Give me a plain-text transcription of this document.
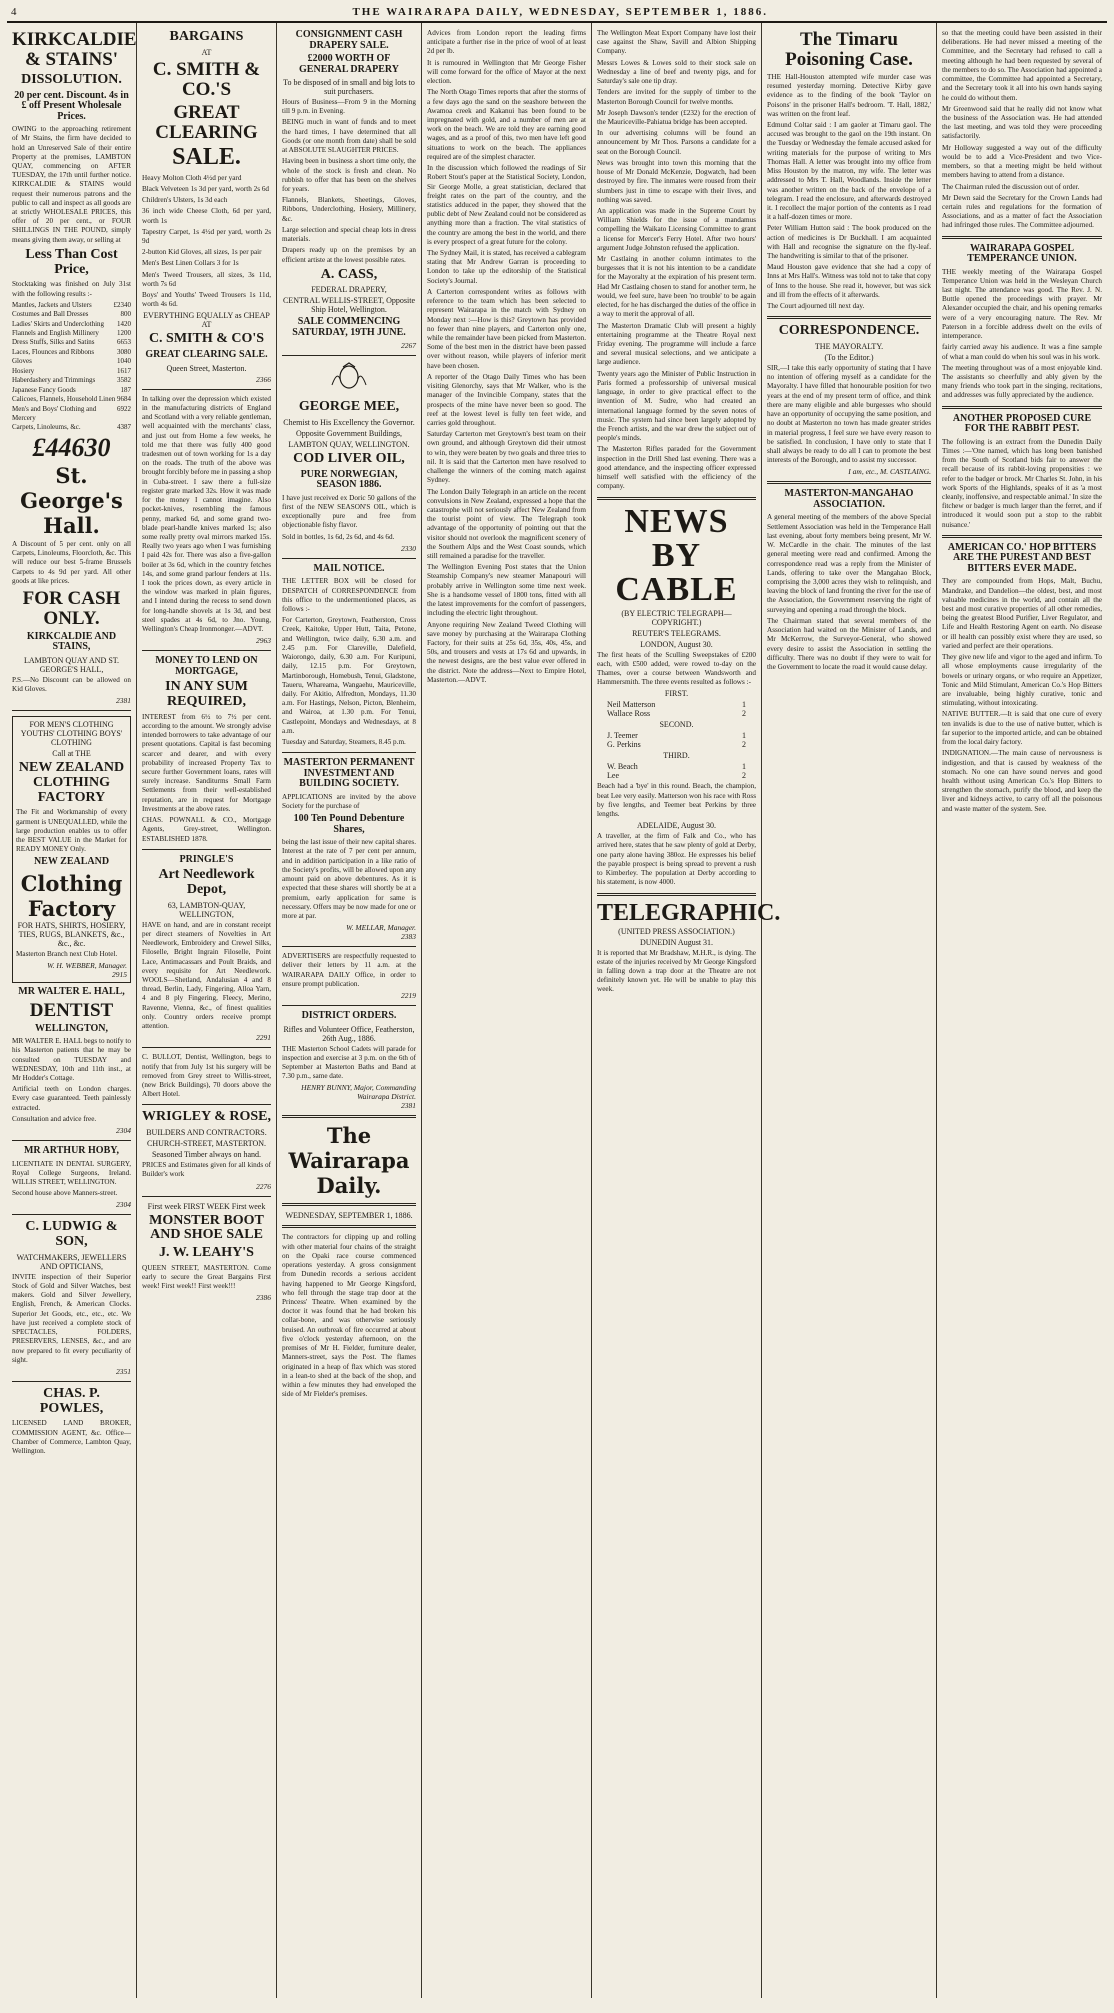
4	THE WAIRARAPA DAILY, WEDNESDAY, SEPTEMBER 1, 1886.
KIRKCALDIE & STAINS'
DISSOLUTION.
20 per cent. Discount. 4s in £ off Present Wholesale Prices.
OWING to the approaching retirement of Mr Stains, the firm have decided to hold an Unreserved Sale of their entire Property at the premises, LAMBTON QUAY, commencing on AFTER TUESDAY, the 17th until further notice. KIRKCALDIE & STAINS would request their numerous patrons and the public to call and inspect as all goods are at strictly WHOLESALE PRICES, this offer of 20 per cent., or FOUR SHILLINGS IN THE POUND, simply means giving them away, or selling at
Less Than Cost Price,
Stocktaking was finished on July 31st with the following results :-
Mantles, Jackets and Ulsters	£2340
Costumes and Ball Dresses	800
Ladies' Skirts and Underclothing 1420
Flannels and English Millinery	1200
Dress Stuffs, Silks and Satins	6653
Laces, Flounces and Ribbons	3080
Gloves	1040
Hosiery	1617
Haberdashery and Trimmings	3582
Japanese Fancy Goods	187
Calicoes, Flannels, Household Linen 9684
Men's and Boys' Clothing and Mercery
6922
Carpets, Linoleums, &c.	4387
£44630
St. George's Hall.
A Discount of 5 per cent. only on all Carpets, Linoleums, Floorcloth, &c. This will reduce our best 5-frame Brussels Carpets to 4s 9d per yard. All other goods at like prices.
FOR CASH ONLY.
KIRKCALDIE AND STAINS,
LAMBTON QUAY AND ST. GEORGE'S HALL,
P.S.—No Discount can be allowed on Kid Gloves.
2381
FOR MEN'S CLOTHING YOUTHS' CLOTHING BOYS' CLOTHING
Call at THE
NEW ZEALAND CLOTHING FACTORY
The Fit and Workmanship of every garment is UNEQUALLED, while the large production enables us to offer the BEST VALUE in the Market for READY MONEY Only.
NEW ZEALAND
Clothing Factory
FOR HATS, SHIRTS, HOSIERY, TIES, RUGS, BLANKETS, &c., &c., &c.
Masterton Branch next Club Hotel.
W. H. WEBBER, Manager.
2915
MR WALTER E. HALL,
DENTIST
WELLINGTON,
MR WALTER E. HALL begs to notify to his Masterton patients that he may be consulted on TUESDAY and WEDNESDAY, 10th and 11th inst., at Mr Hodder's Cottage.
Artificial teeth on London charges. Every case guaranteed. Teeth painlessly extracted.
Consultation and advice free.
2304
MR ARTHUR HOBY,
LICENTIATE IN DENTAL SURGERY, Royal College Surgeons, Ireland. WILLIS STREET, WELLINGTON.
Second house above Manners-street.
2304
C. LUDWIG & SON,
WATCHMAKERS, JEWELLERS AND OPTICIANS,
INVITE inspection of their Superior Stock of Gold and Silver Watches, best makers. Gold and Silver Jewellery, English, French, & American Clocks. Superior Jet Goods, etc., etc., etc. We have just received a complete stock of SPECTACLES, FOLDERS, PRESERVERS, LENSES, &c., and are now prepared to fit every peculiarity of sight.
2351
CHAS. P. POWLES,
LICENSED LAND BROKER, COMMISSION AGENT, &c. Office—Chamber of Commerce, Lambton Quay, Wellington.
BARGAINS
AT
C. SMITH & CO.'S
GREAT CLEARING
SALE.
Heavy Molton Cloth 4½d per yard
Black Velveteen 1s 3d per yard, worth 2s 6d
Children's Ulsters, 1s 3d each
36 inch wide Cheese Cloth, 6d per yard, worth 1s
Tapestry Carpet, 1s 4½d per yard, worth 2s 9d
2-button Kid Gloves, all sizes, 1s per pair
Men's Best Linen Collars 3 for 1s
Men's Tweed Trousers, all sizes, 3s 11d, worth 7s 6d
Boys' and Youths' Tweed Trousers 1s 11d, worth 4s 6d.
EVERYTHING EQUALLY as CHEAP AT
C. SMITH & CO'S
GREAT CLEARING SALE.
Queen Street, Masterton.
2366
In talking over the depression which existed in the manufacturing districts of England and Scotland with a very reliable gentleman, well acquainted with the merchants' class, and just out from Home a few weeks, he told me that there was fully 400 good tradesmen out of town working for 1s a day on the roads. The truth of the above was brought forcibly before me in passing a shop in Cuba-street. I saw there a full-size register grate marked 32s. How it was made for the money I cannot imagine. Also pocket-knives, resembling the famous penny, marked 6d, and some grand two-blade pearl-handle knives marked 1s; also some really pretty oval mirrors marked 15s. Really two years ago when I was furnishing I paid 42s for. There was also a five-gallon boiler at 3s 6d, which in the country fetches 14s, and some grand parlour fenders at 11s. I took the prices down, as every article in the window was marked in plain figures, and I intend during the recess to send down for long-handle shovels at 1s 3d, and best steel spades at 4s 6d, to Jno. Young, Wellington's Cheap Ironmonger.—ADVT.
2963
MONEY TO LEND ON MORTGAGE,
IN ANY SUM REQUIRED,
INTEREST from 6½ to 7½ per cent. according to the amount. We strongly advise intended borrowers to take advantage of our present quotations. Capital is fast becoming scarcer and dearer, and with every probability of increased Property Tax to secure further Government loans, rates will surely increase. Sanditurms Small Farm Settlements from their well-established reputation, are in request for Mortgage Investments at the above rates.
CHAS. POWNALL & CO., Mortgage Agents, Grey-street, Wellington. ESTABLISHED 1878.
PRINGLE'S
Art Needlework Depot,
63, LAMBTON-QUAY, WELLINGTON,
HAVE on hand, and are in constant receipt per direct steamers of Novelties in Art Needlework, Embroidery and Crewel Silks, Filoselle, Bright Ingrain Filoselle, Point Lace, Antimacassars and Poult Braids, and every requisite for Art Needlework. WOOLS—Shetland, Andalusian 4 and 8 thread, Berlin, Lady, Fingering, Alloa Yarn, 4 and 8 ply Fingering, Fleecy, Merino, Ravenne, Vienna, &c., of finest qualities only. Country orders receive prompt attention.
2291
C. BULLOT, Dentist, Wellington, begs to notify that from July 1st his surgery will be removed from Grey street to Willis-street, (new Brick Buildings), 70 doors above the Albert Hotel.
WRIGLEY & ROSE,
BUILDERS AND CONTRACTORS.
CHURCH-STREET, MASTERTON.
Seasoned Timber always on hand.
PRICES and Estimates given for all kinds of Builder's work
2276
First week FIRST WEEK First week
MONSTER BOOT AND SHOE SALE
J. W. LEAHY'S
QUEEN STREET, MASTERTON. Come early to secure the Great Bargains First week! First week!! First week!!!
2386
CONSIGNMENT CASH DRAPERY SALE.
£2000 WORTH OF GENERAL DRAPERY
To be disposed of in small and big lots to suit purchasers.
Hours of Business—From 9 in the Morning till 9 p.m. in Evening.
BEING much in want of funds and to meet the hard times, I have determined that all Goods (or one month from date) shall be sold at ABSOLUTE SLAUGHTER PRICES.
Having been in business a short time only, the whole of the stock is fresh and clean. No rubbish to offer that has been on the shelves for years.
Flannels, Blankets, Sheetings, Gloves, Ribbons, Underclothing, Hosiery, Millinery, &c.
Large selection and special cheap lots in dress materials.
Drapers ready up on the premises by an efficient artiste at the lowest possible rates.
A. CASS,
FEDERAL DRAPERY,
CENTRAL WELLIS-STREET, Opposite Ship Hotel, Wellington.
SALE COMMENCING SATURDAY, 19TH JUNE.
2267
GEORGE MEE,
Chemist to His Excellency the Governor.
Opposite Government Buildings,
LAMBTON QUAY, WELLINGTON.
COD LIVER OIL,
PURE NORWEGIAN, SEASON 1886.
I have just received ex Doric 50 gallons of the first of the NEW SEASON'S OIL, which is exceptionally pure and free from objectionable fishy flavor.
Sold in bottles, 1s 6d, 2s 6d, and 4s 6d.
2330
MAIL NOTICE.
THE LETTER BOX will be closed for DESPATCH of CORRESPONDENCE from this office to the undermentioned places, as follows :-
For Carterton, Greytown, Featherston, Cross Creek, Kaitoke, Upper Hutt, Taita, Petone, and Wellington, twice daily, 6.30 a.m. and 2.45 p.m. For Clareville, Dalefield, Waiorongo, daily, 6.30 a.m. For Kuripuni, daily, 12.15 p.m. For Greytown, Martinborough, Homebush, Tenui, Gladstone, Taueru, Whareama, Wangaehu, Mauriceville, daily. For Akitio, Alfredton, Mondays, 11.30 a.m. For Hastings, Nelson, Picton, Blenheim, and Wairoa, at 1.30 p.m. For Tenui, Castlepoint, Mondays and Wednesdays, at 8 a.m.
Tuesday and Saturday, Steamers, 8.45 p.m.
MASTERTON PERMANENT INVESTMENT AND BUILDING SOCIETY.
APPLICATIONS are invited by the above Society for the purchase of
100 Ten Pound Debenture Shares,
being the last issue of their new capital shares. Interest at the rate of 7 per cent per annum, and in addition participation in a like ratio of the Society's profits, will be allowed upon any amount paid on above debentures. As it is expected that these shares will shortly be at a premium, early application for same is necessary. Offers may be now made for one or more at par.
W. MELLAR, Manager.
2383
ADVERTISERS are respectfully requested to deliver their letters by 11 a.m. at the WAIRARAPA DAILY Office, in order to ensure prompt publication.
2219
DISTRICT ORDERS.
Rifles and Volunteer Office, Featherston, 26th Aug., 1886.
THE Masterton School Cadets will parade for inspection and exercise at 3 p.m. on the 6th of September at Masterton Baths and Band at 7.30 p.m., same date.
HENRY BUNNY, Major, Commanding Wairarapa District.
2381
The Wairarapa Daily.
WEDNESDAY, SEPTEMBER 1, 1886.
The contractors for clipping up and rolling with other material four chains of the straight on the Opaki race course commenced operations yesterday. A gross consignment from Dunedin records a serious accident having happened to Mr George Kingsford, who fell through the stage trap door at the Princess' Theatre. When examined by the doctor it was found that he had broken his collar-bone, and was otherwise seriously bruised. An outbreak of fire occurred at about five o'clock yesterday afternoon, on the premises of Mr H. Fielder, furniture dealer, Manners-street, says the Post. The flames originated in a heap of flax which was stored in a lean-to shed at the back of the shop, and within a few minutes they had enveloped the side of Mr Fielder's premises.
Advices from London report the leading firms anticipate a further rise in the price of wool of at least 2d per lb.
It is rumoured in Wellington that Mr George Fisher will come forward for the office of Mayor at the next election.
The North Otago Times reports that after the storms of a few days ago the sand on the seashore between the Awamoa creek and Kakanui has been found to be impregnated with gold, and a number of men are at work on the beach. We are told they are earning good wages, and as a proof of this, two men have left good situations to work on the beach. The appliances required are of the simplest character.
In the discussion which followed the readings of Sir Robert Stout's paper at the Statistical Society, London, Sir George Molle, a great statistician, declared that freight rates on the part of the country, and the statistics adduced in the paper, they showed that the public debt of New Zealand could not be considered as anything more than a fraction. The vital statistics of the country are among the best in the world, and there is every prospect of a great future for the colony.
The Sydney Mail, it is stated, has received a cablegram stating that Mr Andrew Garran is proceeding to London to take up the editorship of the Statistical Society's Journal.
A Carterton correspondent writes as follows with reference to the team which has been selected to represent Wairarapa in the match with Sydney on Monday next :—How is this? Greytown has provided no fewer than nine players, and Carterton only one, while the remainder have been picked from Masterton. Some of the best men in the district have been passed over without reason, while players of inferior merit have been chosen.
A reporter of the Otago Daily Times who has been visiting Glenorchy, says that Mr Walker, who is the manager of the Invincible Company, states that the prospects of the mine have never been so good. The reef at the lowest level is fully ten feet wide, and carries gold throughout.
Saturday Carterton met Greytown's best team on their own ground, and although Greytown did their utmost to win, they were beaten by two goals and three tries to nil. It is said that the Carterton men have resolved to challenge the winners of the coming match against Sydney.
The London Daily Telegraph in an article on the recent convulsions in New Zealand, expressed a hope that the catastrophe will not seriously affect New Zealand from the tourist point of view. The Telegraph took advantage of the opportunity of pointing out that the visitor should not overlook the magnificent scenery of the Southern Alps and the West Coast sounds, which still remained a paradise for the traveller.
The Wellington Evening Post states that the Union Steamship Company's new steamer Manapouri will probably arrive in Wellington some time next week. She is a handsome vessel of 1800 tons, fitted with all the latest improvements for the comfort of passengers, including the electric light throughout.
Anyone requiring New Zealand Tweed Clothing will save money by purchasing at the Wairarapa Clothing Factory, for their suits at 25s 6d, 35s, 40s, 45s, and 50s, and trousers and vests at 17s 6d and upwards, in the newest designs, are the best value ever offered in the district. Note the address—Next to Empire Hotel, Masterton.—ADVT.
The Wellington Meat Export Company have lost their case against the Shaw, Savill and Albion Shipping Company.
Messrs Lowes & Lowes sold to their stock sale on Wednesday a line of beef and twenty pigs, and for Saturday's sale one tip dray.
Tenders are invited for the supply of timber to the Masterton Borough Council for twelve months.
Mr Joseph Dawson's tender (£232) for the erection of the Mauriceville-Pahiatua bridge has been accepted.
In our advertising columns will be found an announcement by Mr Thos. Parsons a candidate for a seat on the Borough Council.
News was brought into town this morning that the house of Mr Donald McKenzie, Dogwatch, had been destroyed by fire. The inmates were roused from their slumbers just in time to escape with their lives, and nothing was saved.
An application was made in the Supreme Court by William Shields for the issue of a mandamus compelling the Waikato Licensing Committee to grant a license for Mercer's Ferry Hotel. After two hours' argument Judge Johnston refused the application.
Mr Castlaing in another column intimates to the burgesses that it is not his intention to be a candidate for the Mayoralty at the expiration of his present term. Had Mr Castlaing chosen to stand for another term, he would, we feel sure, have been 'no trouble' to be again elected, for he has discharged the duties of the office in a way to merit the approval of all.
The Masterton Dramatic Club will present a highly entertaining programme at the Theatre Royal next Friday evening. The programme will include a farce and several musical selections, and we anticipate a large audience.
Twenty years ago the Minister of Public Instruction in Paris formed a professorship of universal musical language, in order to give practical effect to the invention of M. Sudre, who had created an international language formed by the seven notes of music. The system had since been largely adopted by the French artists, and the war drew the subject out of people's minds.
The Masterton Rifles paraded for the Government inspection in the Drill Shed last evening. There was a good attendance, and the inspecting officer expressed himself well satisfied with the efficiency of the company.
NEWS BY CABLE
(BY ELECTRIC TELEGRAPH—COPYRIGHT.)
REUTER'S TELEGRAMS.
LONDON, August 30.
The first heats of the Sculling Sweepstakes of £200 each, with £500 added, were rowed to-day on the Thames, over a course between Wandsworth and Hammersmith. The three events resulted as follows :-
FIRST.
Neil Matterson	1
Wallace Ross	2
SECOND.
J. Teemer	1
G. Perkins	2
THIRD.
W. Beach	1
Lee	2
Beach had a 'bye' in this round. Beach, the champion, beat Lee very easily. Matterson won his race with Ross by five lengths, and Teemer beat Perkins by three lengths.
ADELAIDE, August 30.
A traveller, at the firm of Falk and Co., who has arrived here, states that he saw plenty of gold at Derby, one party alone having 380oz. He expresses his belief the payable prospect is being spread to prevent a rush to Kimberley. The population at Derby according to his statement, is now 4000.
TELEGRAPHIC.
(UNITED PRESS ASSOCIATION.)
DUNEDIN August 31.
It is reported that Mr Bradshaw, M.H.R., is dying. The estate of the injuries received by Mr George Kingsford in falling down a trap door at the Theatre are not definitely known yet. He will be unable to play this week.
The Timaru Poisoning Case.
THE Hall-Houston attempted wife murder case was resumed yesterday morning. Detective Kirby gave evidence as to the finding of the book 'Taylor on Poisons' in the prisoner Hall's bedroom. 'T. Hall, 1882,' was written on the front leaf.
Edmund Coltar said : I am gaoler at Timaru gaol. The accused was brought to the gaol on the 19th instant. On the Tuesday or Wednesday the female accused asked for writing materials for the purpose of writing to Mrs Thomas Hall. A letter was brought into my office from Miss Houston by the matron, my wife. The letter was addressed to Mrs T. Hall, Woodlands. Inside the letter was another written on the back of the envelope of a telegram. I read the enclosure, and afterwards destroyed it. I recollect the major portion of the contents as I read it a half-dozen times or more.
Peter William Hutton said : The book produced on the action of medicines is Dr Buckhall. I am acquainted with Hall and recognise the signature on the fly-leaf. The handwriting is similar to that of the prisoner.
Maud Houston gave evidence that she had a copy of Inns at Mrs Hall's. Witness was told not to take that copy of Inns to the house. She read it, however, but was sick and ill from the effects of it afterwards.
The Court adjourned till next day.
CORRESPONDENCE.
THE MAYORALTY.
(To the Editor.)
SIR,—I take this early opportunity of stating that I have no intention of offering myself as a candidate for the Mayoralty. I have filled that honourable position for two years at the end of my present term of office, and think there are many eligible and able burgesses who should have an opportunity of occupying the same position, and no doubt at Masterton no town has made greater strides in material progress, I feel sure we have every reason to be satisfied. In conclusion, I have only to state that I shall always be ready to do all I can to promote the best interests of the Borough, and to assist my successor.
I am, etc., M. CASTLAING.
MASTERTON-MANGAHAO ASSOCIATION.
A general meeting of the members of the above Special Settlement Association was held in the Temperance Hall last evening, about forty members being present, Mr W. W. McCardle in the chair. The minutes of the last general meeting were read and confirmed. Among the correspondence read was a reply from the Minister of Lands, offering to take over the Mangahao Block, comprising the 3,000 acres they wish to relinquish, and leaving the block of land fronting the river for the use of the Association, the Government reserving the right of surveying and opening a road through the block.
The Chairman stated that several members of the Association had waited on the Minister of Lands, and Mr McKerrow, the Surveyor-General, who showed every desire to assist the Association in settling the difficulty. There was no doubt if they were to wait for the Government to locate the road it would cause delay.
so that the meeting could have been assisted in their deliberations. He had never missed a meeting of the Committee, and the Secretary had refused to call a meeting although he had been requested by several of the members to do so. The Association had appointed a committee, the Committee had appointed a Secretary, and the Secretary took it all into his own hands saying he could do without them.
Mr Greenwood said that he really did not know what the business of the Association was. He had attended the last meeting, and was told they were proceeding satisfactorily.
Mr Holloway suggested a way out of the difficulty would be to add a Vice-President and two Vice-members, so that a meeting might be held without members having to attend from a distance.
The Chairman ruled the discussion out of order.
Mr Dewn said the Secretary for the Crown Lands had certain rules and regulations for the formation of Associations, and as a matter of fact the Association had infringed those rules. The Committee adjourned.
WAIRARAPA GOSPEL TEMPERANCE UNION.
THE weekly meeting of the Wairarapa Gospel Temperance Union was held in the Wesleyan Church last night. The attendance was good. The Rev. J. N. Buttle opened the proceedings with prayer. Mr Alexander occupied the chair, and his opening remarks were of a very encouraging nature. The Rev. Mr Paterson in a forcible address dwelt on the evils of intemperance.
fairly carried away his audience. It was a fine sample of what a man could do when his soul was in his work.
The meeting throughout was of a most enjoyable kind. The assistants so cheerfully and ably given by the many friends who took part in the singing, recitations, and addresses was fully appreciated by the audience.
ANOTHER PROPOSED CURE FOR THE RABBIT PEST.
The following is an extract from the Dunedin Daily Times :—'One named, which has long been banished from the South of Scotland bids fair to answer the recall because of its rabbit-loving propensities : we refer to the badger or brock. Mr Charles St. John, in his work Sports of the Highlands, speaks of it as 'a most cleanly, inoffensive, and respectable animal.' In size the fitchew or badger is much larger than the ferret, and if introduced it would soon put a stop to the rabbit nuisance.'
AMERICAN CO.' HOP BITTERS ARE THE PUREST AND BEST BITTERS EVER MADE.
They are compounded from Hops, Malt, Buchu, Mandrake, and Dandelion—the oldest, best, and most valuable medicines in the world, and contain all the best and most curative properties of all other remedies, being the greatest Blood Purifier, Liver Regulator, and Life and Health Restoring Agent on earth. No disease or ill health can possibly exist where they are used, so varied and perfect are their operations.
They give new life and vigor to the aged and infirm. To all whose employments cause irregularity of the bowels or urinary organs, or who require an Appetizer, Tonic and Mild Stimulant, American Co.'s Hop Bitters are invaluable, being highly curative, tonic and stimulating, without intoxicating.
NATIVE BUTTER.—It is said that one cure of every ten invalids is due to the use of native butter, which is far superior to the imported article, and can be obtained from the local dairy factory.
INDIGNATION.—The main cause of nervousness is indigestion, and that is caused by weakness of the stomach. No one can have sound nerves and good health without using American Co.'s Hop Bitters to strengthen the stomach, purify the blood, and keep the liver and kidneys active, to carry off all the poisonous and waste matter of the system. See.
